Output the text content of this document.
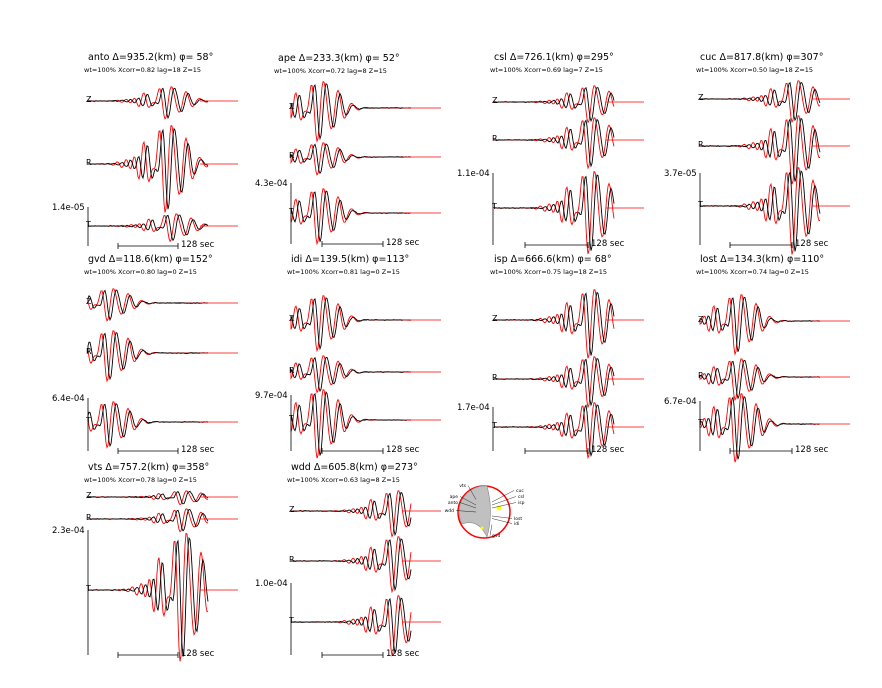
anto Δ=935.2(km) φ= 58°
wt=100% Xcorr=0.82 lag=18 Z=15
Z
R
T
1.4e-05
128 sec
ape Δ=233.3(km) φ= 52°
wt=100% Xcorr=0.72 lag=8 Z=15
Z
R
T
4.3e-04
128 sec
csl Δ=726.1(km) φ=295°
wt=100% Xcorr=0.69 lag=7 Z=15
Z
R
T
1.1e-04
128 sec
cuc Δ=817.8(km) φ=307°
wt=100% Xcorr=0.50 lag=18 Z=15
Z
R
T
3.7e-05
128 sec
gvd Δ=118.6(km) φ=152°
wt=100% Xcorr=0.80 lag=0 Z=15
Z
R
T
6.4e-04
128 sec
idi Δ=139.5(km) φ=113°
wt=100% Xcorr=0.81 lag=0 Z=15
Z
R
T
9.7e-04
128 sec
isp Δ=666.6(km) φ= 68°
wt=100% Xcorr=0.75 lag=18 Z=15
Z
R
T
1.7e-04
128 sec
lost Δ=134.3(km) φ=110°
wt=100% Xcorr=0.74 lag=0 Z=15
Z
R
T
6.7e-04
128 sec
vts Δ=757.2(km) φ=358°
wt=100% Xcorr=0.78 lag=0 Z=15
Z
R
T
2.3e-04
128 sec
wdd Δ=605.8(km) φ=273°
wt=100% Xcorr=0.63 lag=8 Z=15
Z
R
T
1.0e-04
128 sec
vts
cuc
csl
ape
anto	isp
wdd
lost
idi
gvd
